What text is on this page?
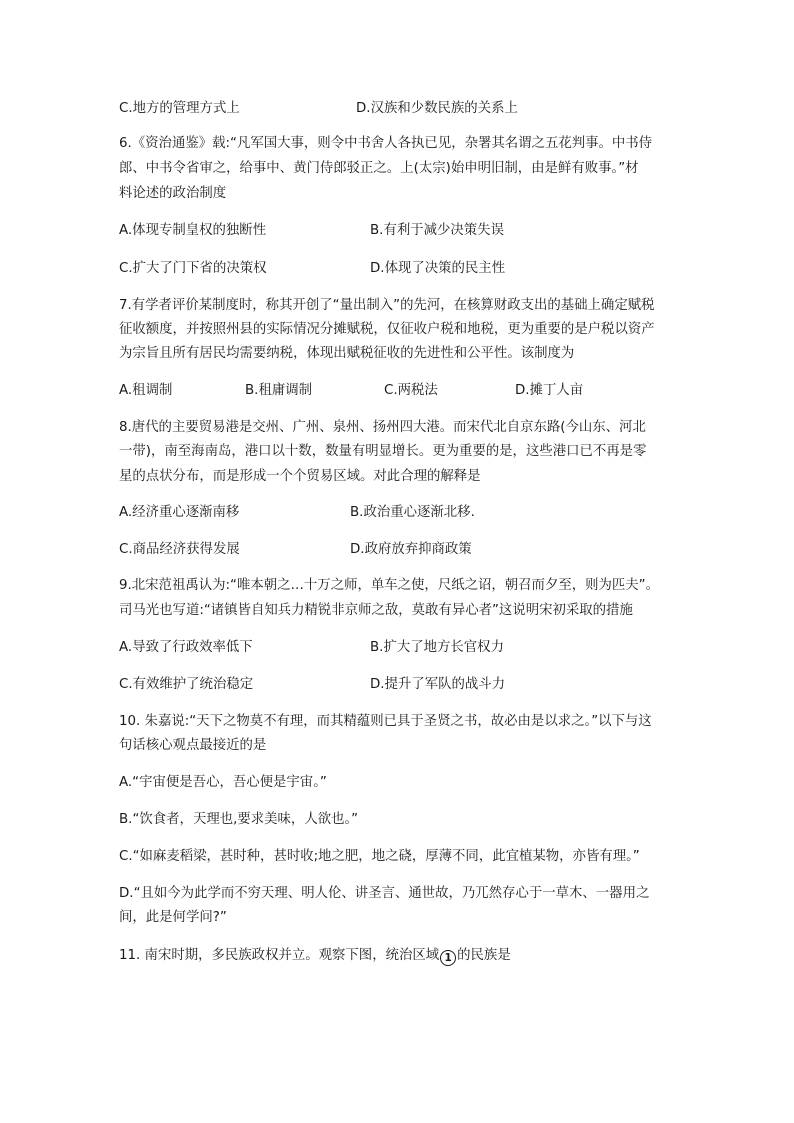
C.地方的管理方式上	D.汉族和少数民族的关系上
6.《资治通鉴》载:“凡军国大事，则令中书舍人各执已见，杂署其名谓之五花判事。中书侍
郎、中书令省审之，给事中、黄门侍郎驳正之。上(太宗)始申明旧制，由是鲜有败事。”材
料论述的政治制度
A.体现专制皇权的独断性	B.有利于减少决策失误
C.扩大了门下省的决策权	D.体现了决策的民主性
7.有学者评价某制度时，称其开创了“量出制入”的先河，在核算财政支出的基础上确定赋税
征收额度，并按照州县的实际情况分摊赋税，仅征收户税和地税，更为重要的是户税以资产
为宗旨且所有居民均需要纳税，体现出赋税征收的先进性和公平性。该制度为
A.租调制	B.租庸调制	C.两税法	D.摊丁人亩
8.唐代的主要贸易港是交州、广州、泉州、扬州四大港。而宋代北自京东路(今山东、河北
一带)，南至海南岛，港口以十数，数量有明显增长。更为重要的是，这些港口已不再是零
星的点状分布，而是形成一个个贸易区域。对此合理的解释是
A.经济重心逐渐南移	B.政治重心逐渐北移.
C.商品经济获得发展	D.政府放弃抑商政策
9.北宋范祖禹认为:“唯本朝之…十万之师，单车之使，尺纸之诏，朝召而夕至，则为匹夫”。
司马光也写道:“诸镇皆自知兵力精锐非京师之敌，莫敢有异心者”这说明宋初采取的措施
A.导致了行政效率低下	B.扩大了地方长官权力
C.有效维护了统治稳定	D.提升了军队的战斗力
10. 朱嘉说:“天下之物莫不有理，而其精蕴则已具于圣贤之书，故必由是以求之。”以下与这
句话核心观点最接近的是
A.“宇宙便是吾心，吾心便是宇宙。”
B.“饮食者，天理也,要求美味，人欲也。”
C.“如麻麦稻梁，甚时种，甚时收;地之肥，地之硗，厚薄不同，此宜植某物，亦皆有理。”
D.“且如今为此学而不穷天理、明人伦、讲圣言、通世故，乃兀然存心于一草木、一器用之
间，此是何学问?”
11. 南宋时期，多民族政权并立。观察下图，统治区域 1 的民族是
